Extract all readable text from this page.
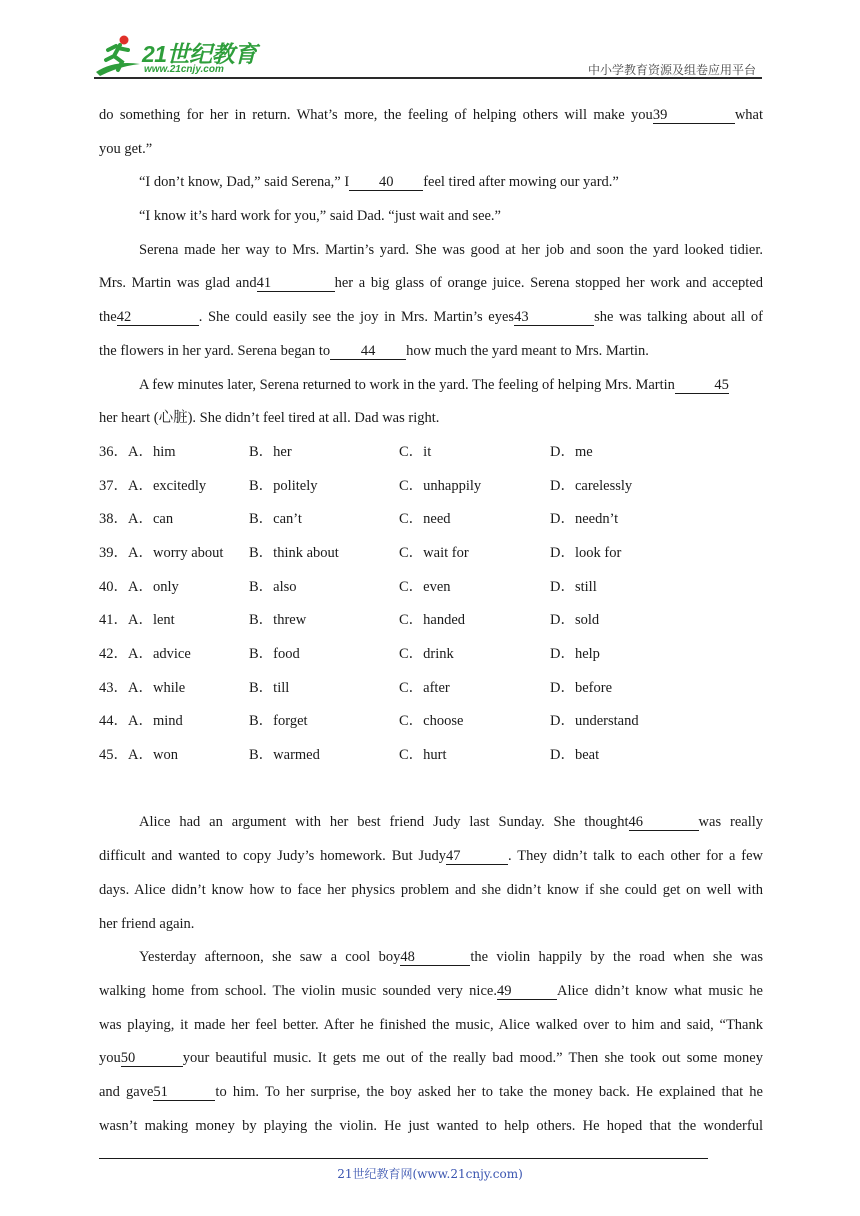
21世纪教育
www.21cnjy.com	中小学教育资源及组卷应用平台
do something for her in return. What’s more, the feeling of helping others will make you39	what
you get.”
“I don’t know, Dad,” said Serena,” I 40 feel tired after mowing our yard.”
“I know it’s hard work for you,” said Dad. “just wait and see.”
Serena made her way to Mrs. Martin’s yard. She was good at her job and soon the yard looked tidier.
Mrs. Martin was glad and41	her a big glass of orange juice. Serena stopped her work and accepted
the42	. She could easily see the joy in Mrs. Martin’s eyes43	she was talking about all of
the flowers in her yard. Serena began to 44 how much the yard meant to Mrs. Martin.
A few minutes later, Serena returned to work in the yard. The feeling of helping Mrs. Martin	45
her heart (心脏). She didn’t feel tired at all. Dad was right.
36．A．him	B．her	C．it	D．me
37．A．excitedly	B．politely	C．unhappily	D．carelessly
38．A．can	B．can’t	C．need	D．needn’t
39．A．worry about B．think about	C．wait for	D．look for
40．A．only	B．also	C．even	D．still
41．A．lent	B．threw	C．handed	D．sold
42．A．advice	B．food	C．drink	D．help
43．A．while	B．till	C．after	D．before
44．A．mind	B．forget	C．choose	D．understand
45．A．won	B．warmed	C．hurt	D．beat
Alice had an argument with her best friend Judy last Sunday. She thought46	was really
difficult and wanted to copy Judy’s homework. But Judy47	. They didn’t talk to each other for a few
days. Alice didn’t know how to face her physics problem and she didn’t know if she could get on well with
her friend again.
Yesterday afternoon, she saw a cool boy48	the violin happily by the road when she was
walking home from school. The violin music sounded very nice.49	Alice didn’t know what music he
was playing, it made her feel better. After he finished the music, Alice walked over to him and said, “Thank
you50	your beautiful music. It gets me out of the really bad mood.” Then she took out some money
and gave51	to him. To her surprise, the boy asked her to take the money back. He explained that he
wasn’t making money by playing the violin. He just wanted to help others. He hoped that the wonderful
21世纪教育网(www.21cnjy.com)
